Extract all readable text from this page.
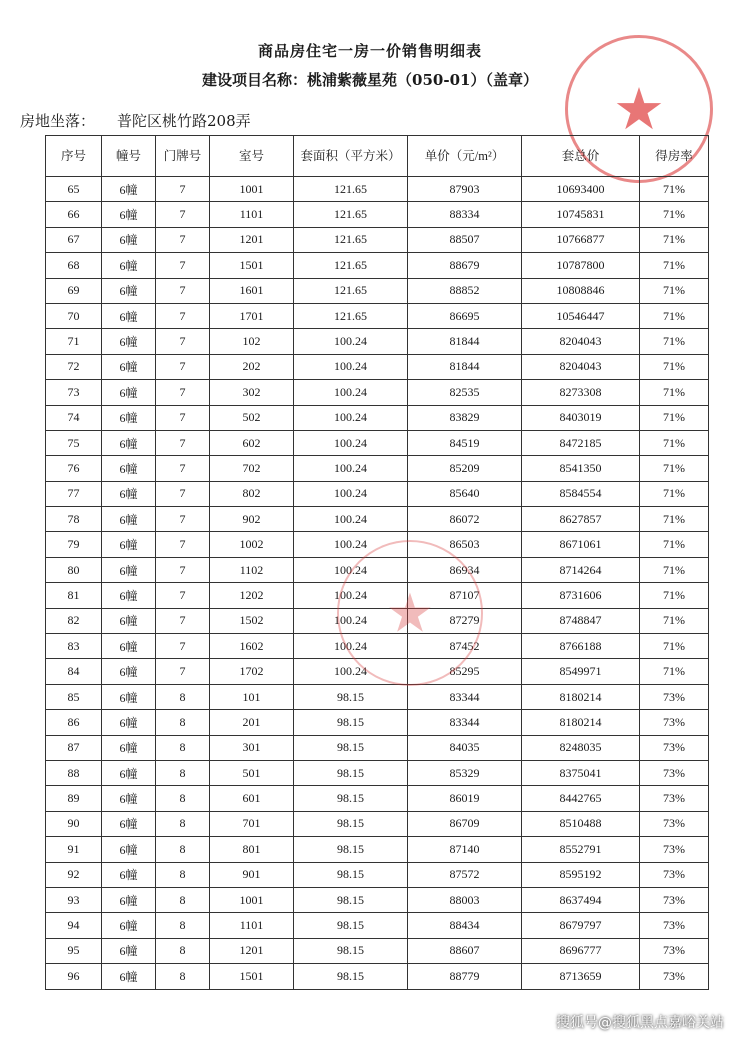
★
商品房住宅一房一价销售明细表
建设项目名称：桃浦紫薇星苑（050-01）（盖章）
房地坐落： 普陀区桃竹路208弄
序号	幢号	门牌号	室号	套面积（平方米）	单价（元/m²）	套总价	得房率
65	6幢	7	1001	121.65	87903	10693400	71%
66	6幢	7	1101	121.65	88334	10745831	71%
67	6幢	7	1201	121.65	88507	10766877	71%
68	6幢	7	1501	121.65	88679	10787800	71%
69	6幢	7	1601	121.65	88852	10808846	71%
70	6幢	7	1701	121.65	86695	10546447	71%
71	6幢	7	102	100.24	81844	8204043	71%
72	6幢	7	202	100.24	81844	8204043	71%
73	6幢	7	302	100.24	82535	8273308	71%
74	6幢	7	502	100.24	83829	8403019	71%
75	6幢	7	602	100.24	84519	8472185	71%
76	6幢	7	702	100.24	85209	8541350	71%
77	6幢	7	802	100.24	85640	8584554	71%
78	6幢	7	902	100.24	86072	8627857	71%
79	6幢	7	1002	100.24	86503	8671061	71%
80	6幢	7	1102	100.24	86934	8714264	71%
81	6幢	7	1202	100.24	87107	8731606	71%
82	6幢	7	1502	100.24	87279	8748847	71%
83	6幢	7	1602	100.24	87452	8766188	71%
84	6幢	7	1702	100.24	85295	8549971	71%
85	6幢	8	101	98.15	83344	8180214	73%
86	6幢	8	201	98.15	83344	8180214	73%
87	6幢	8	301	98.15	84035	8248035	73%
88	6幢	8	501	98.15	85329	8375041	73%
89	6幢	8	601	98.15	86019	8442765	73%
90	6幢	8	701	98.15	86709	8510488	73%
91	6幢	8	801	98.15	87140	8552791	73%
92	6幢	8	901	98.15	87572	8595192	73%
93	6幢	8	1001	98.15	88003	8637494	73%
94	6幢	8	1101	98.15	88434	8679797	73%
95	6幢	8	1201	98.15	88607	8696777	73%
96	6幢	8	1501	98.15	88779	8713659	73%
★
搜狐号@搜狐黑点嘉峪关站
